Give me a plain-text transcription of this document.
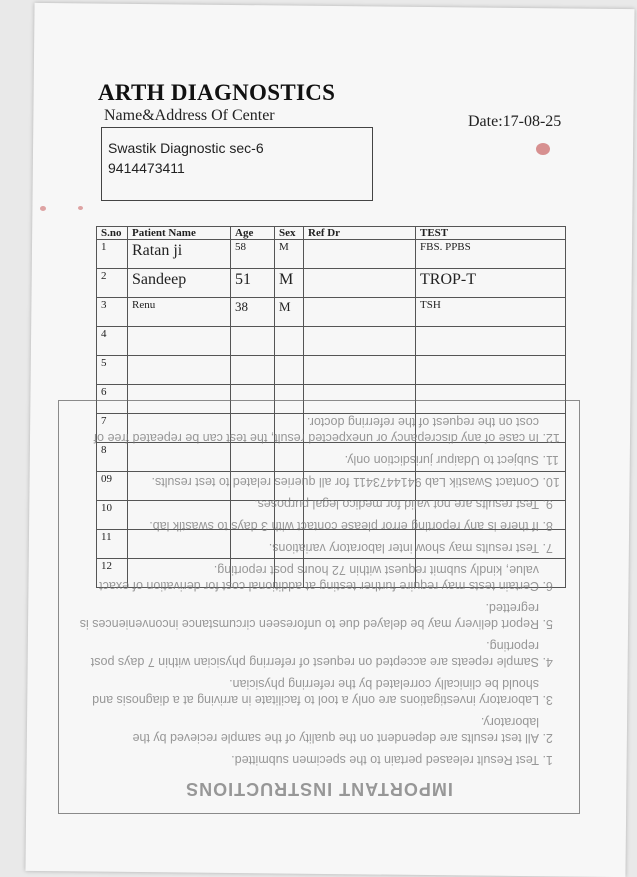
ARTH DIAGNOSTICS
Name&Address Of Center	Date:17-08-25
Swastik Diagnostic sec-6
9414473411
S.no	Patient Name	Age	Sex	Ref Dr	TEST
1	Ratan ji	58	M		FBS. PPBS
2	Sandeep	51	M		TROP-T
3	Renu	38	M		TSH
4					
5					
6					
7					
8					
09					
10					
11					
12					
IMPORTANT INSTRUCTIONS
1. Test Result released pertain to the specimen submitted.
2. All test results are dependent on the quality of the sample recieved by the laboratory.
3. Laboratory investigations are only a tool to facilitate in arriving at a diagnosis and should be clinically correlated by the referring physician.
4. Sample repeats are accepted on request of referring physician within 7 days post reporting.
5. Report delivery may be delayed due to unforeseen circumstance inconveniences is regretted.
6. Certain tests may require further testing at additional cost for derivation of exact value, kindly submit request within 72 hours post reporting.
7. Test results may show inter laboratory variations.
8. If there is any reporting error please contact with 3 days to swastik lab.
9. Test results are not valid for medico legal purposes.
10. Contact Swastik Lab 9414473411 for all queries related to test results.
11. Subject to Udaipur jurisdiction only.
12. In case of any discrepancy or unexpected result, the test can be repeated free of cost on the request of the referring doctor.
